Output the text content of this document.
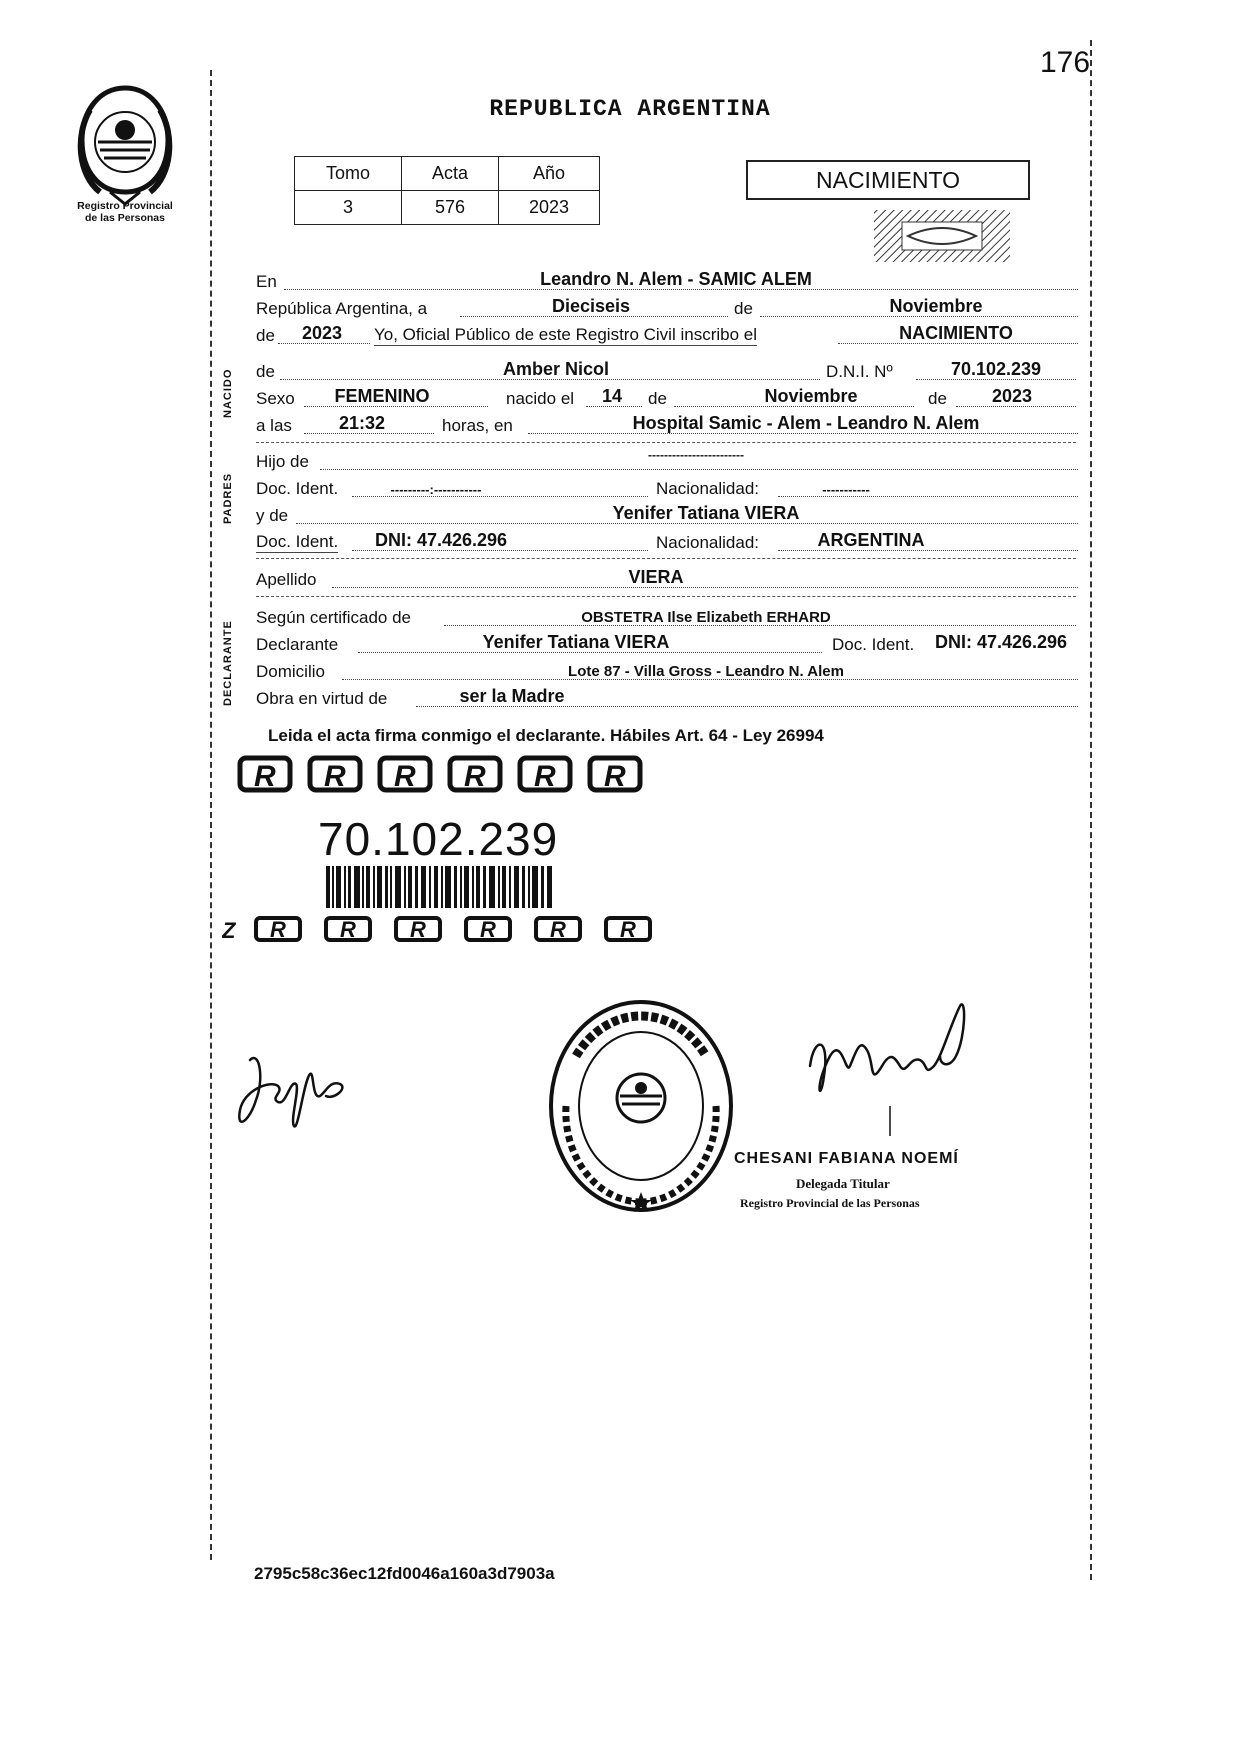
176
Registro Provincial
de las Personas
REPUBLICA ARGENTINA
Tomo	Acta	Año
3	576	2023
NACIMIENTO
En	Leandro N. Alem - SAMIC ALEM
República Argentina, a	Dieciseis	de	Noviembre
de	2023	Yo, Oficial Público de este Registro Civil inscribo el	NACIMIENTO
NACIDO de	Amber Nicol	D.N.I. Nº	70.102.239
Sexo	FEMENINO	nacido el	14	de	Noviembre	de	2023
a las	21:32	horas, en	Hospital Samic - Alem - Leandro N. Alem
PADRES
Hijo de	------------------------
Doc. Ident.	---------:-----------	Nacionalidad:	-----------
y de	Yenifer Tatiana VIERA
Doc. Ident.	DNI: 47.426.296	Nacionalidad:	ARGENTINA
Apellido	VIERA
DECLARANTE
Según certificado de	OBSTETRA Ilse Elizabeth ERHARD
Declarante	Yenifer Tatiana VIERA	Doc. Ident.	DNI: 47.426.296
Domicilio	Lote 87 - Villa Gross - Leandro N. Alem
Obra en virtud de	ser la Madre
Leida el acta firma conmigo el declarante. Hábiles Art. 64 - Ley 26994
R R R R R R
70.102.239
Z R R R R R R
CHESANI FABIANA NOEMÍ
Delegada Titular
Registro Provincial de las Personas
2795c58c36ec12fd0046a160a3d7903a
